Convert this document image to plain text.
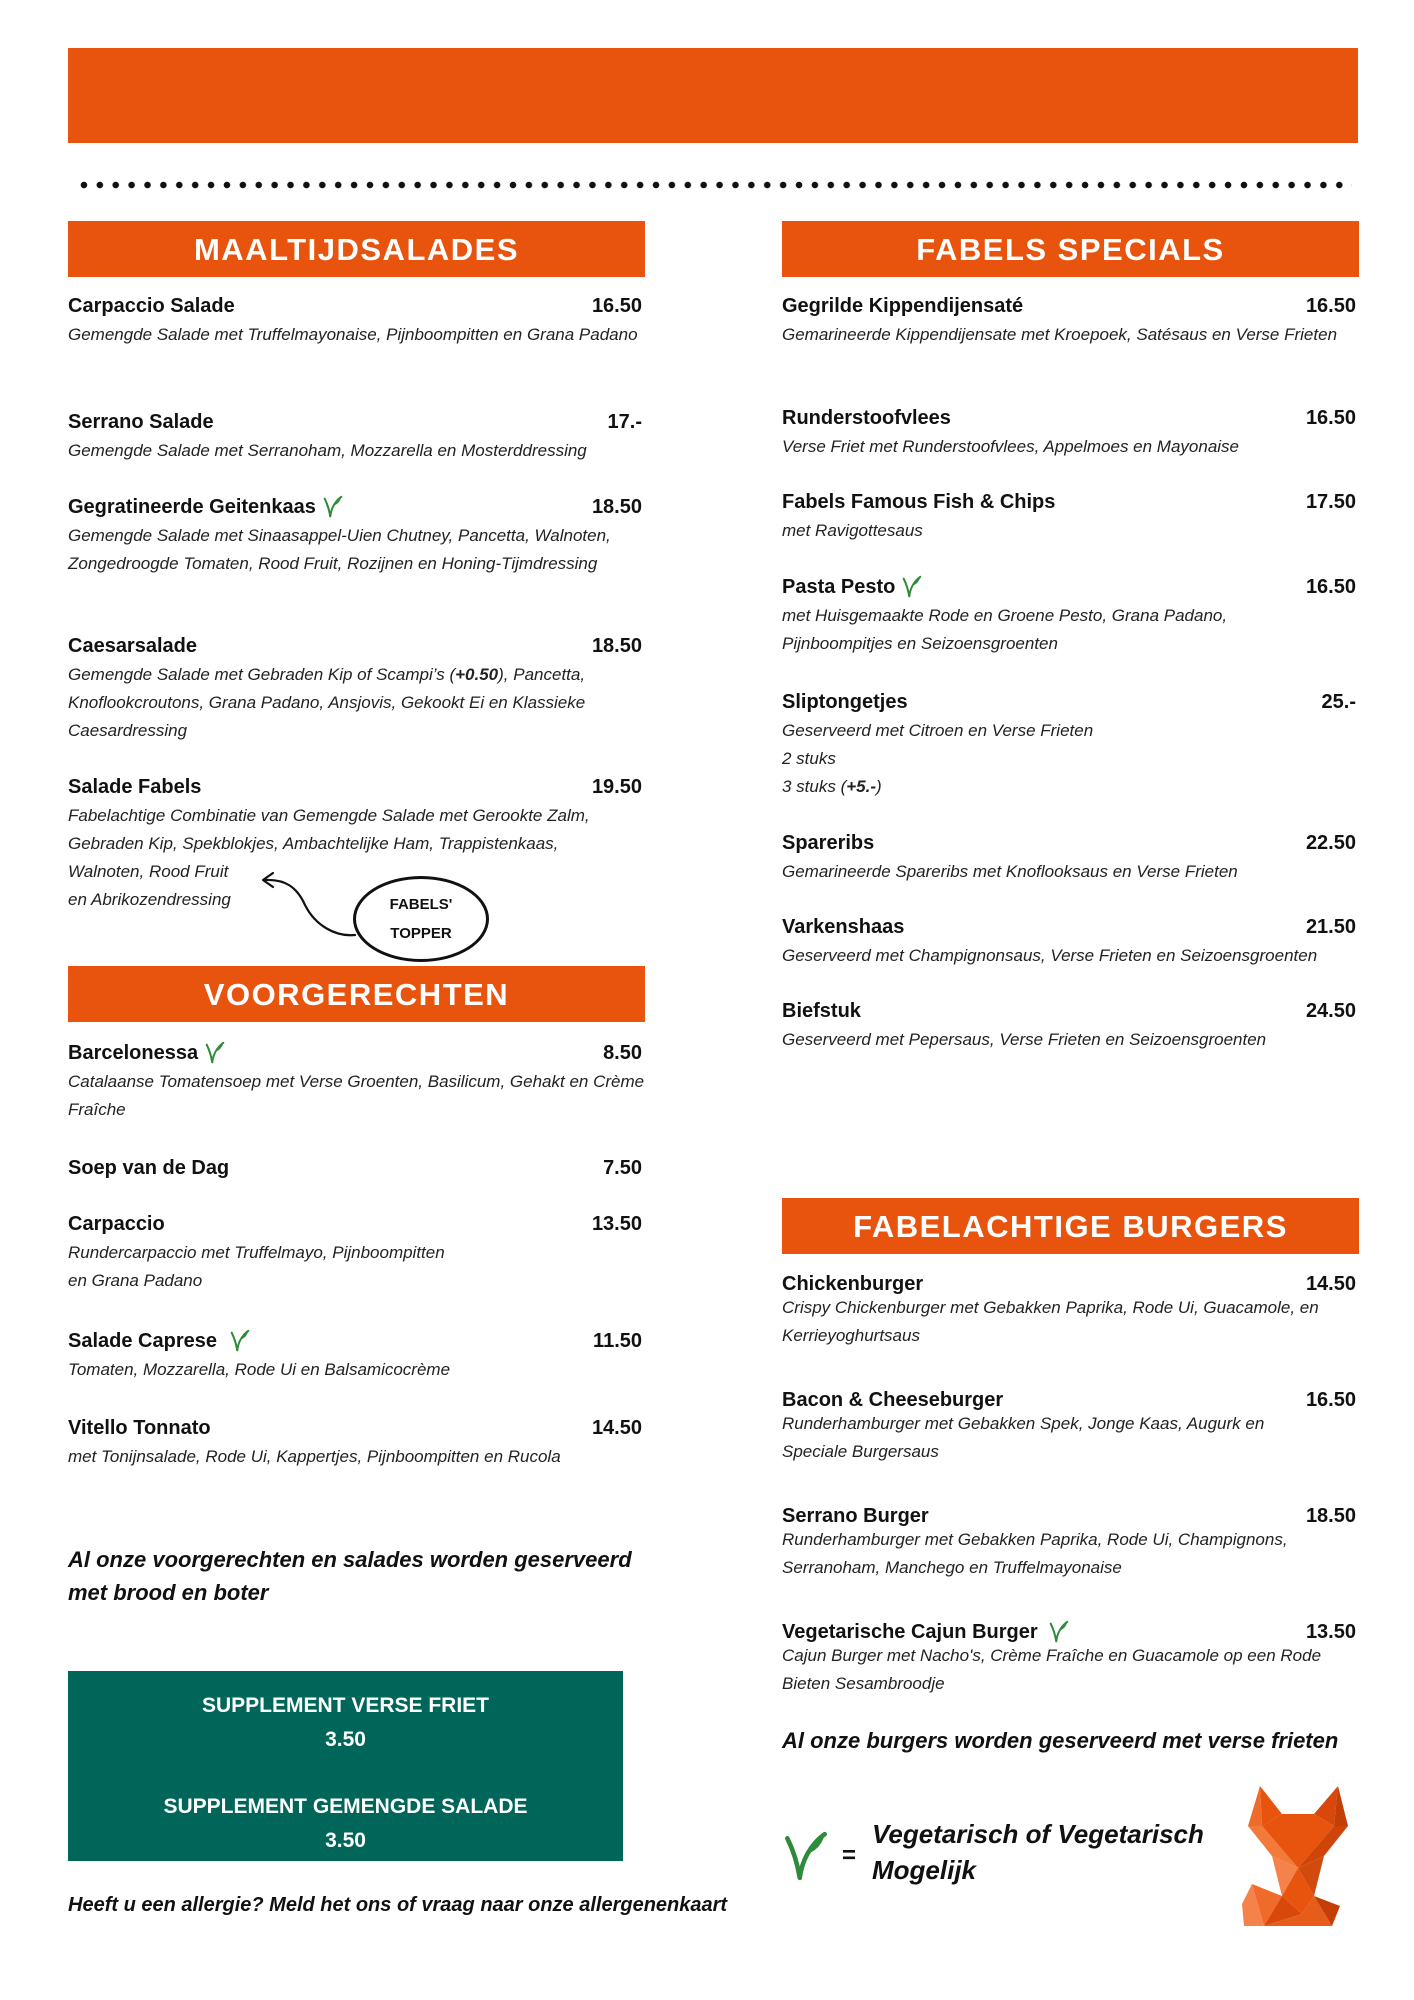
MAALTIJDSALADES
Carpaccio Salade	16.50
Gemengde Salade met Truffelmayonaise, Pijnboompitten en Grana Padano
Serrano Salade	17.-
Gemengde Salade met Serranoham, Mozzarella en Mosterddressing
Gegratineerde Geitenkaas	18.50
Gemengde Salade met Sinaasappel-Uien Chutney, Pancetta, Walnoten, Zongedroogde Tomaten, Rood Fruit, Rozijnen en Honing-Tijmdressing
Caesarsalade	18.50
Gemengde Salade met Gebraden Kip of Scampi’s (+0.50), Pancetta, Knoflookcroutons, Grana Padano, Ansjovis, Gekookt Ei en Klassieke Caesardressing
Salade Fabels	19.50
Fabelachtige Combinatie van Gemengde Salade met Gerookte Zalm, Gebraden Kip, Spekblokjes, Ambachtelijke Ham, Trappistenkaas, Walnoten, Rood Fruit
en Abrikozendressing	FABELS'
TOPPER
VOORGERECHTEN
Barcelonessa	8.50
Catalaanse Tomatensoep met Verse Groenten, Basilicum, Gehakt en Crème Fraîche
Soep van de Dag	7.50
Carpaccio	13.50
Rundercarpaccio met Truffelmayo, Pijnboompitten
en Grana Padano
Salade Caprese	11.50
Tomaten, Mozzarella, Rode Ui en Balsamicocrème
Vitello Tonnato	14.50
met Tonijnsalade, Rode Ui, Kappertjes, Pijnboompitten en Rucola
Al onze voorgerechten en salades worden geserveerd met brood en boter
SUPPLEMENT VERSE FRIET
3.50
SUPPLEMENT GEMENGDE SALADE
3.50
Heeft u een allergie? Meld het ons of vraag naar onze allergenenkaart
FABELS SPECIALS
Gegrilde Kippendijensaté	16.50
Gemarineerde Kippendijensate met Kroepoek, Satésaus en Verse Frieten
Runderstoofvlees	16.50
Verse Friet met Runderstoofvlees, Appelmoes en Mayonaise
Fabels Famous Fish & Chips	17.50
met Ravigottesaus
Pasta Pesto	16.50
met Huisgemaakte Rode en Groene Pesto, Grana Padano, Pijnboompitjes en Seizoensgroenten
Sliptongetjes	25.-
Geserveerd met Citroen en Verse Frieten
2 stuks
3 stuks (+5.-)
Spareribs	22.50
Gemarineerde Spareribs met Knoflooksaus en Verse Frieten
Varkenshaas	21.50
Geserveerd met Champignonsaus, Verse Frieten en Seizoensgroenten
Biefstuk	24.50
Geserveerd met Pepersaus, Verse Frieten en Seizoensgroenten
FABELACHTIGE BURGERS
Chickenburger	14.50
Crispy Chickenburger met Gebakken Paprika, Rode Ui, Guacamole, en Kerrieyoghurtsaus
Bacon & Cheeseburger	16.50
Runderhamburger met Gebakken Spek, Jonge Kaas, Augurk en Speciale Burgersaus
Serrano Burger	18.50
Runderhamburger met Gebakken Paprika, Rode Ui, Champignons, Serranoham, Manchego en Truffelmayonaise
Vegetarische Cajun Burger	13.50
Cajun Burger met Nacho's, Crème Fraîche en Guacamole op een Rode Bieten Sesambroodje
Al onze burgers worden geserveerd met verse frieten
=
Vegetarisch of Vegetarisch Mogelijk
